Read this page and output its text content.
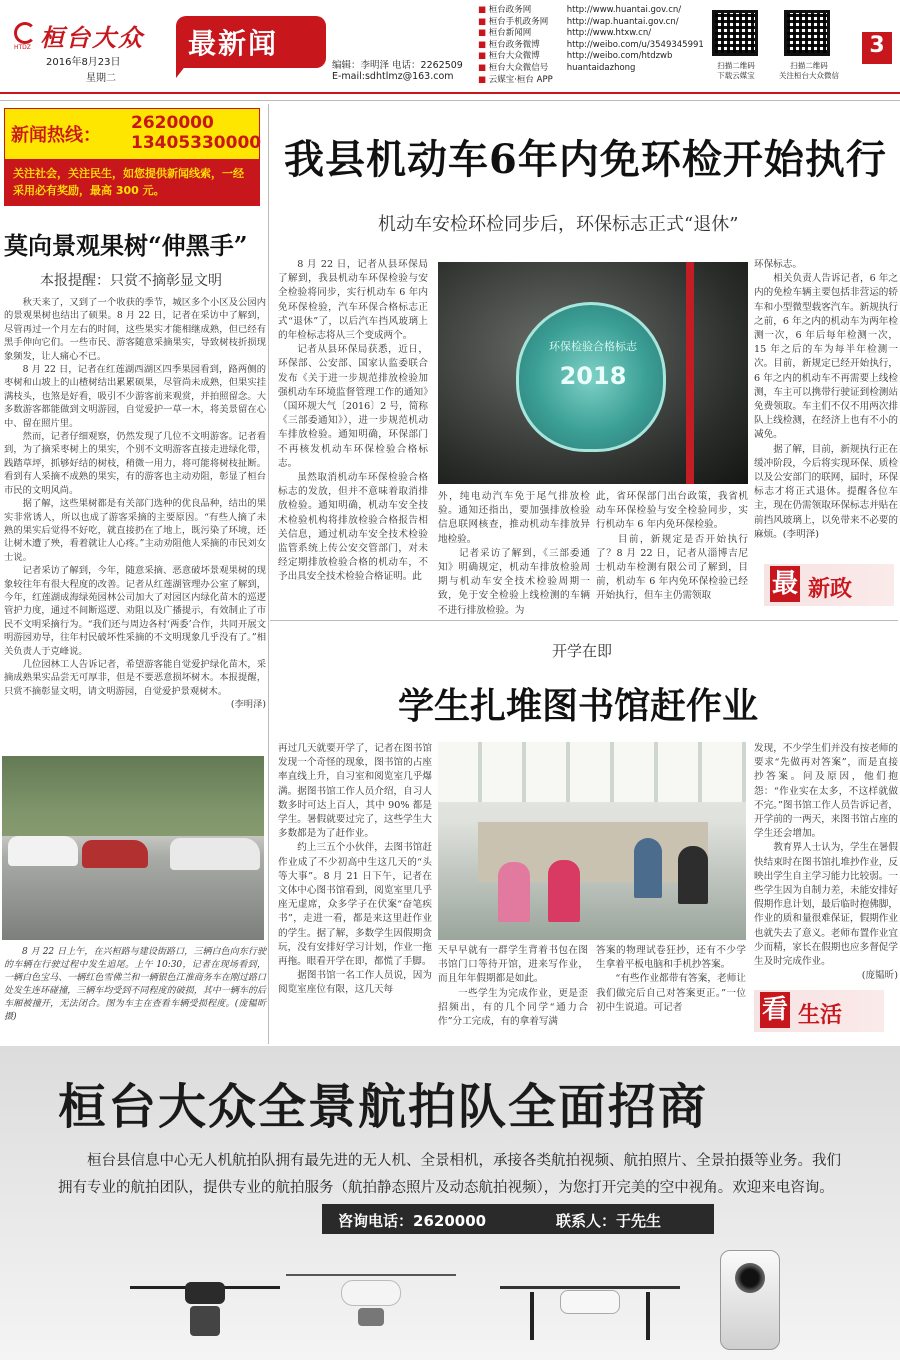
HTDZ 桓台大众
2016年8月23日
星期二
最新闻
编辑：李明泽 电话：2262509
E-mail:sdhtlmz@163.com
■ 桓台政务网	http://www.huantai.gov.cn/
■ 桓台手机政务网 http://wap.huantai.gov.cn/
■ 桓台新闻网	http://www.htxw.cn/
■ 桓台政务微博	http://weibo.com/u/3549345991
■ 桓台大众微博	http://weibo.com/htdzwb
■ 桓台大众微信号 huantaidazhong
■ 云媒宝·桓台 APP
扫描二维码
下载云媒宝
扫描二维码
关注桓台大众微信
3
新闻热线：
2620000
13405330000
关注社会，关注民生，如您提供新闻线索，一经采用必有奖励，最高 300 元。
我县机动车6年内免环检开始执行
机动车安检环检同步后，环保标志正式“退休”

8 月 22 日，记者从县环保局了解到，我县机动车环保检验与安全检验将同步，实行机动车 6 年内免环保检验，汽车环保合格标志正式“退休”了，以后汽车挡风玻璃上的年检标志将从三个变成两个。

记者从县环保局获悉，近日，环保部、公安部、国家认监委联合发布《关于进一步规范排放检验加强机动车环境监督管理工作的通知》（国环规大气〔2016〕2 号，简称《三部委通知》），进一步规范机动车排放检验。通知明确，环保部门不再核发机动车环保检验合格标志。

虽然取消机动车环保检验合格标志的发放，但并不意味着取消排放检验。通知明确，机动车安全技术检验机构将排放检验合格报告相关信息，通过机动车安全技术检验监管系统上传公安交管部门，对未经定期排放检验合格的机动车，不予出具安全技术检验合格证明。此

环保检验合格标志
2018
外，纯电动汽车免于尾气排放检验。通知还指出，要加强排放检验信息联网核查，推动机动车排放异地检验。
　　记者采访了解到，《三部委通知》明确规定，机动车排放检验周期与机动车安全技术检验周期一致，免于安全检验上线检测的车辆不进行排放检验。为
此，省环保部门出台政策，我省机动车环保检验与安全检验同步，实行机动车 6 年内免环保检验。
　　目前，新规定是否开始执行了？8 月 22 日，记者从淄博吉尼士机动车检测有限公司了解到，目前，机动车 6 年内免环保检验已经开始执行，但车主仍需领取
环保标志。
　　相关负责人告诉记者，6 年之内的免检车辆主要包括非营运的轿车和小型微型载客汽车。新规执行之前，6 年之内的机动车为两年检测一次，6 年后每年检测一次，15 年之后的车为每半年检测一次。目前，新规定已经开始执行，6 年之内的机动车不再需要上线检测，车主可以携带行驶证到检测站免费领取。车主们不仅不用两次排队上线检测，在经济上也有不小的减免。
　　据了解，目前，新规执行正在缓冲阶段，今后将实现环保、质检以及公安部门的联网，届时，环保标志才将正式退休。提醒各位车主，现在仍需领取环保标志并贴在前挡风玻璃上，以免带来不必要的麻烦。(李明泽)
最 新政
莫向景观果树“伸黑手”
本报提醒：只赏不摘彰显文明

秋天来了，又到了一个收获的季节，城区多个小区及公园内的景观果树也结出了硕果。8 月 22 日，记者在采访中了解到，尽管再过一个月左右的时间，这些果实才能相继成熟，但已经有黑手伸向它们。一些市民、游客随意采摘果实，导致树枝折损现象频发，让人痛心不已。

8 月 22 日，记者在红莲湖西湖区四季果园看到，路两侧的枣树和山坡上的山楂树结出累累硕果，尽管尚未成熟，但果实挂满枝头，也煞是好看，吸引不少游客前来观赏，并拍照留念。大多数游客都能做到文明游园，自觉爱护一草一木，将美景留在心中、留在照片里。

然而，记者仔细观察，仍然发现了几位不文明游客。记者看到，为了摘采枣树上的果实，个别不文明游客直接走进绿化带，践踏草坪，抓够好结的树枝，稍微一用力，将可能将树枝扯断。看到有人采摘不成熟的果实，有的游客也主动劝阻，彰显了桓台市民的文明风尚。

据了解，这些果树都是有关部门选种的优良品种，结出的果实非常诱人，所以也成了游客采摘的主要原因。“有些人摘了未熟的果实后觉得不好吃，就直接扔在了地上，既污染了环境，还让树木遭了殃，看着就让人心疼。”主动劝阻他人采摘的市民刘女士说。

记者采访了解到，今年，随意采摘、恶意破坏景观果树的现象较往年有很大程度的改善。记者从红莲湖管理办公室了解到，今年，红莲湖成海绿苑园林公司加大了对园区内绿化苗木的巡逻管护力度，通过不间断巡逻、劝阻以及广播提示，有效制止了市民不文明采摘行为。“我们还与周边各村‘两委’合作，共同开展文明游园劝导，往年村民破坏性采摘的不文明现象几乎没有了。”相关负责人于克峰说。

几位园林工人告诉记者，希望游客能自觉爱护绿化苗木，采摘成熟果实品尝无可厚非，但是不要恶意损坏树木。本报提醒，只赏不摘彰显文明，请文明游园，自觉爱护景观树木。

(李明泽)
8 月 22 日上午，在兴桓路与建设街路口，三辆白色向东行驶的车辆在行驶过程中发生追尾。上午 10:30，记者在现场看到，一辆白色宝马、一辆红色雪佛兰和一辆银色江淮商务车在刚过路口处发生连环碰撞，三辆车均受到不同程度的破损，其中一辆车的后车厢被撞开，无法闭合。图为车主在查看车辆受损程度。(庞韫昕 摄)
开学在即
学生扎堆图书馆赶作业
再过几天就要开学了，记者在图书馆发现一个奇怪的现象，图书馆的占座率直线上升，自习室和阅览室几乎爆满。据图书馆工作人员介绍，自习人数多时可达上百人，其中 90% 都是学生。暑假就要过完了，这些学生大多数都是为了赶作业。
　　约上三五个小伙伴，去图书馆赶作业成了不少初高中生这几天的“头等大事”。8 月 21 日下午，记者在文体中心图书馆看到，阅览室里几乎座无虚席，众多学子在伏案“奋笔疾书”，走进一看，都是来这里赶作业的学生。据了解，多数学生因假期贪玩，没有安排好学习计划，作业一拖再拖。眼看开学在即，都慌了手脚。
　　据图书馆一名工作人员说，因为阅览室座位有限，这几天每
天早早就有一群学生背着书包在图书馆门口等待开馆，进来写作业，而且年年假期都是如此。
　　一些学生为完成作业，更是歪招频出，有的几个同学“通力合作”分工完成，有的拿着写满
答案的物理试卷狂抄，还有不少学生拿着平板电脑和手机抄答案。
　　“有些作业都带有答案，老师让我们做完后自己对答案更正。”一位初中生说道。可记者
发现，不少学生们并没有按老师的要求“先做再对答案”，而是直接抄答案。问及原因，他们抱怨：“作业实在太多，不这样就做不完。”图书馆工作人员告诉记者，开学前的一两天，来图书馆占座的学生还会增加。
　　教育界人士认为，学生在暑假快结束时在图书馆扎堆抄作业，反映出学生自主学习能力比较弱。一些学生因为自制力差，未能安排好假期作息计划，最后临时抱佛脚，作业的质和量很难保证，假期作业也就失去了意义。老师布置作业宜少而精，家长在假期也应多督促学生及时完成作业。
(庞韫昕)
看 生活
桓台大众全景航拍队全面招商
桓台县信息中心无人机航拍队拥有最先进的无人机、全景相机，承接各类航拍视频、航拍照片、全景拍摄等业务。我们拥有专业的航拍团队，提供专业的航拍服务（航拍静态照片及动态航拍视频），为您打开完美的空中视角。欢迎来电咨询。
咨询电话：2620000	联系人：于先生
